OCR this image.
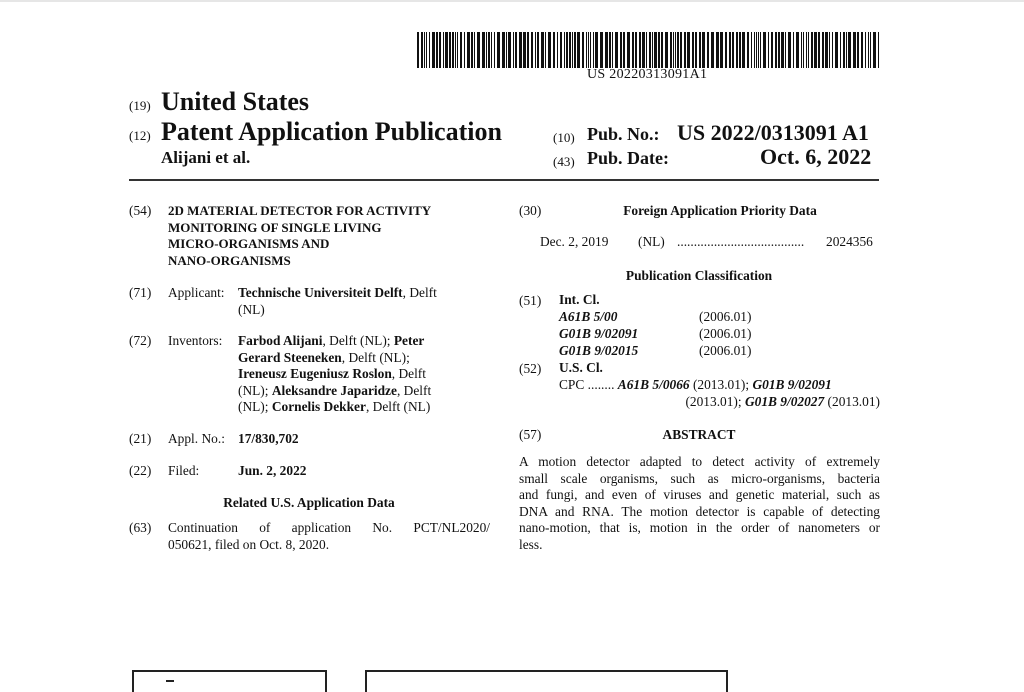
US 20220313091A1
(19) United States
(12) Patent Application Publication
Alijani et al.
(10) Pub. No.: US 2022/0313091 A1
(43) Pub. Date:	Oct. 6, 2022
(54) 2D MATERIAL DETECTOR FOR ACTIVITY
MONITORING OF SINGLE LIVING
MICRO-ORGANISMS AND
NANO-ORGANISMS
(71) Applicant: Technische Universiteit Delft, Delft
(NL)
(72) Inventors: Farbod Alijani, Delft (NL); Peter
Gerard Steeneken, Delft (NL);
Ireneusz Eugeniusz Roslon, Delft
(NL); Aleksandre Japaridze, Delft
(NL); Cornelis Dekker, Delft (NL)
(21) Appl. No.: 17/830,702
(22) Filed:	Jun. 2, 2022
Related U.S. Application Data
(63) Continuation of application No. PCT/NL2020/
050621, filed on Oct. 8, 2020.
(30)	Foreign Application Priority Data
Dec. 2, 2019 (NL) ......................................	2024356
Publication Classification
(51) Int. Cl.
A61B 5/00	(2006.01)
G01B 9/02091	(2006.01)
G01B 9/02015	(2006.01)
(52) U.S. Cl.
CPC ........ A61B 5/0066 (2013.01); G01B 9/02091
(2013.01); G01B 9/02027 (2013.01)
(57)	ABSTRACT
A motion detector adapted to detect activity of extremely
small scale organisms, such as micro-organisms, bacteria
and fungi, and even of viruses and genetic material, such as
DNA and RNA. The motion detector is capable of detecting
nano-motion, that is, motion in the order of nanometers or
less.
